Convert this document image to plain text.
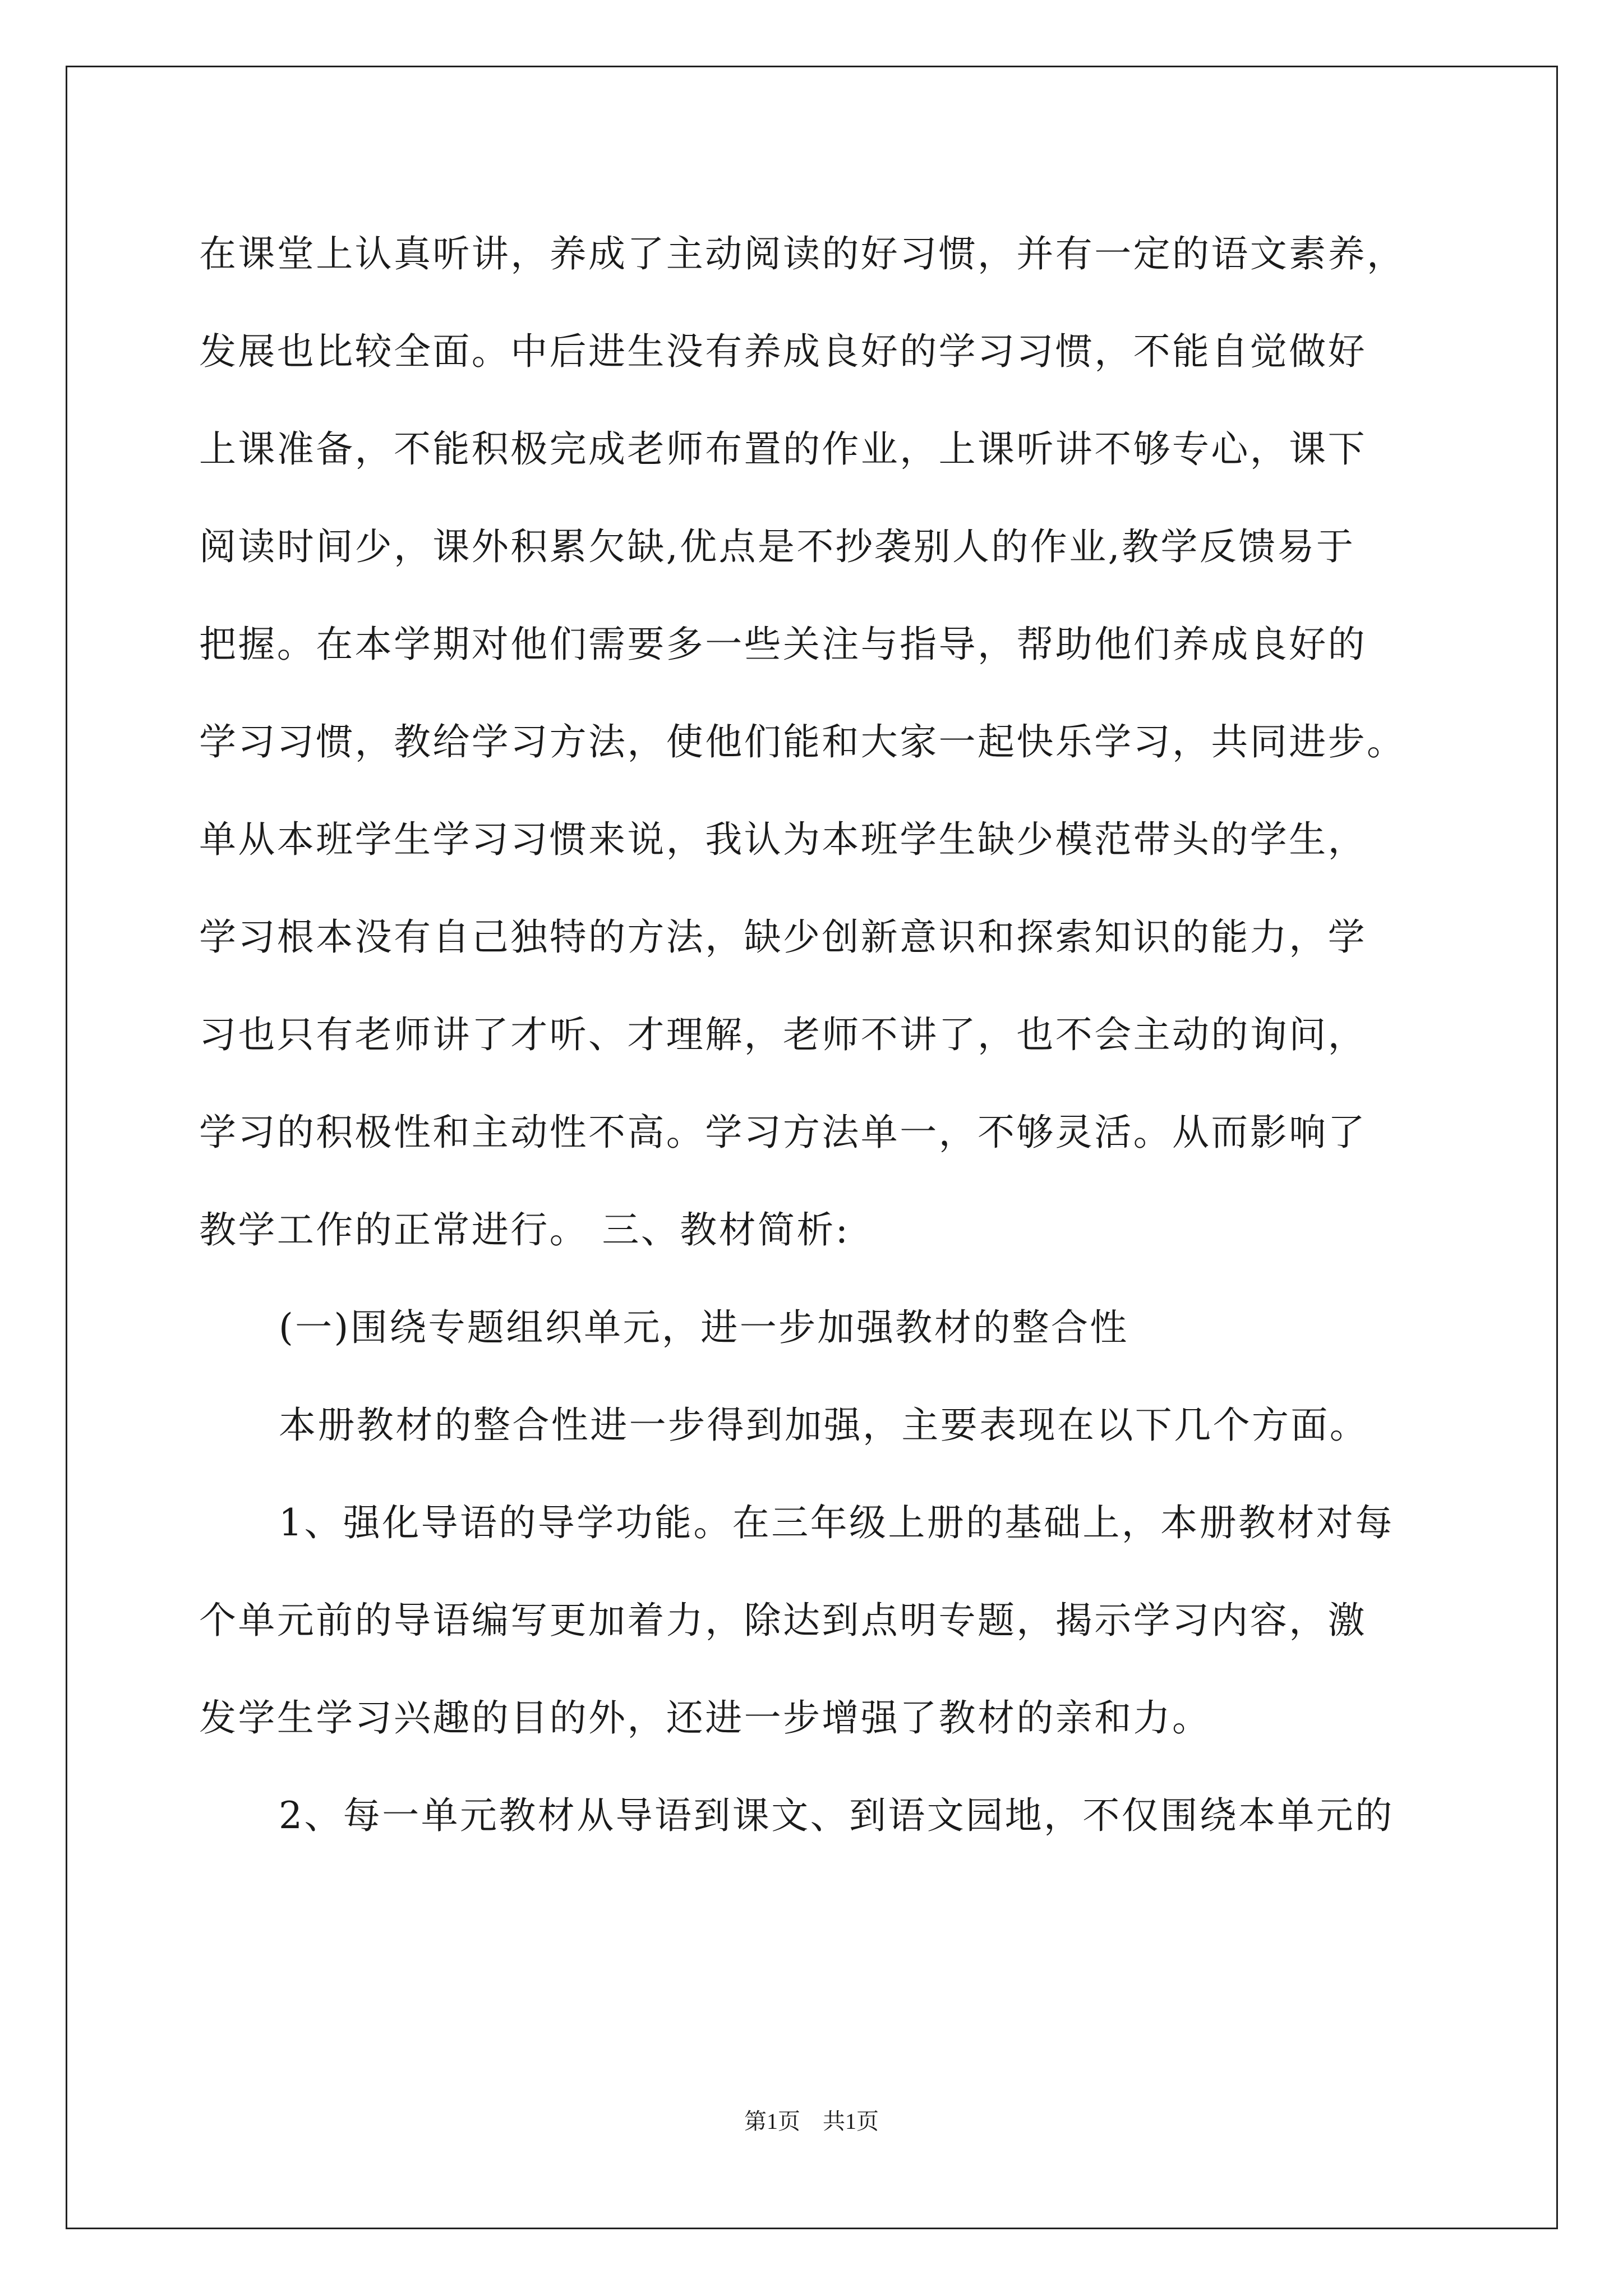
在课堂上认真听讲，养成了主动阅读的好习惯，并有一定的语文素养，
发展也比较全面。中后进生没有养成良好的学习习惯，不能自觉做好
上课准备，不能积极完成老师布置的作业，上课听讲不够专心，课下
阅读时间少，课外积累欠缺,优点是不抄袭别人的作业,教学反馈易于
把握。在本学期对他们需要多一些关注与指导，帮助他们养成良好的
学习习惯，教给学习方法，使他们能和大家一起快乐学习，共同进步。
单从本班学生学习习惯来说，我认为本班学生缺少模范带头的学生，
学习根本没有自己独特的方法，缺少创新意识和探索知识的能力，学
习也只有老师讲了才听、才理解，老师不讲了，也不会主动的询问，
学习的积极性和主动性不高。学习方法单一，不够灵活。从而影响了
教学工作的正常进行。 三、教材简析:
(一)围绕专题组织单元，进一步加强教材的整合性
本册教材的整合性进一步得到加强，主要表现在以下几个方面。
1、强化导语的导学功能。在三年级上册的基础上，本册教材对每
个单元前的导语编写更加着力，除达到点明专题，揭示学习内容，激
发学生学习兴趣的目的外，还进一步增强了教材的亲和力。
2、每一单元教材从导语到课文、到语文园地，不仅围绕本单元的
第1页　共1页
